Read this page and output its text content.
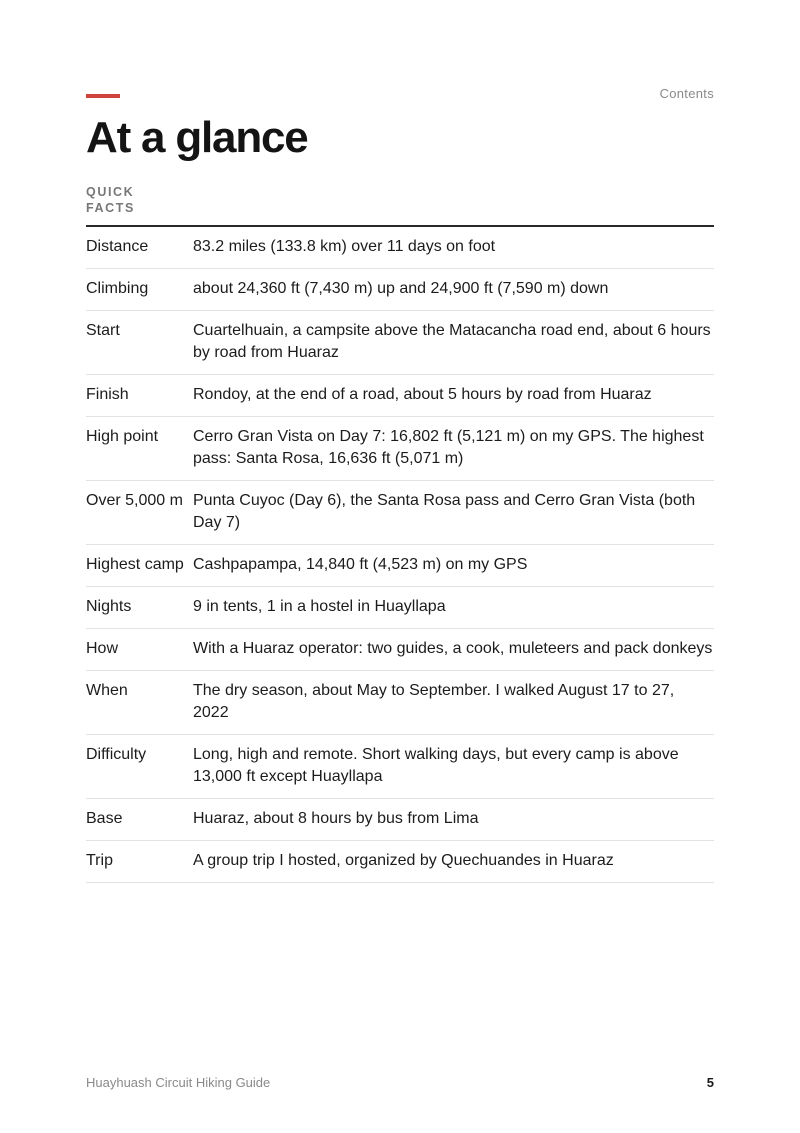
Contents
At a glance
QUICK FACTS
Distance	83.2 miles (133.8 km) over 11 days on foot
Climbing	about 24,360 ft (7,430 m) up and 24,900 ft (7,590 m) down
Start	Cuartelhuain, a campsite above the Matacancha road end, about 6 hours by road from Huaraz
Finish	Rondoy, at the end of a road, about 5 hours by road from Huaraz
High point	Cerro Gran Vista on Day 7: 16,802 ft (5,121 m) on my GPS. The highest pass: Santa Rosa, 16,636 ft (5,071 m)
Over 5,000 m	Punta Cuyoc (Day 6), the Santa Rosa pass and Cerro Gran Vista (both Day 7)
Highest camp	Cashpapampa, 14,840 ft (4,523 m) on my GPS
Nights	9 in tents, 1 in a hostel in Huayllapa
How	With a Huaraz operator: two guides, a cook, muleteers and pack donkeys
When	The dry season, about May to September. I walked August 17 to 27, 2022
Difficulty	Long, high and remote. Short walking days, but every camp is above 13,000 ft except Huayllapa
Base	Huaraz, about 8 hours by bus from Lima
Trip	A group trip I hosted, organized by Quechuandes in Huaraz
Huayhuash Circuit Hiking Guide	5
